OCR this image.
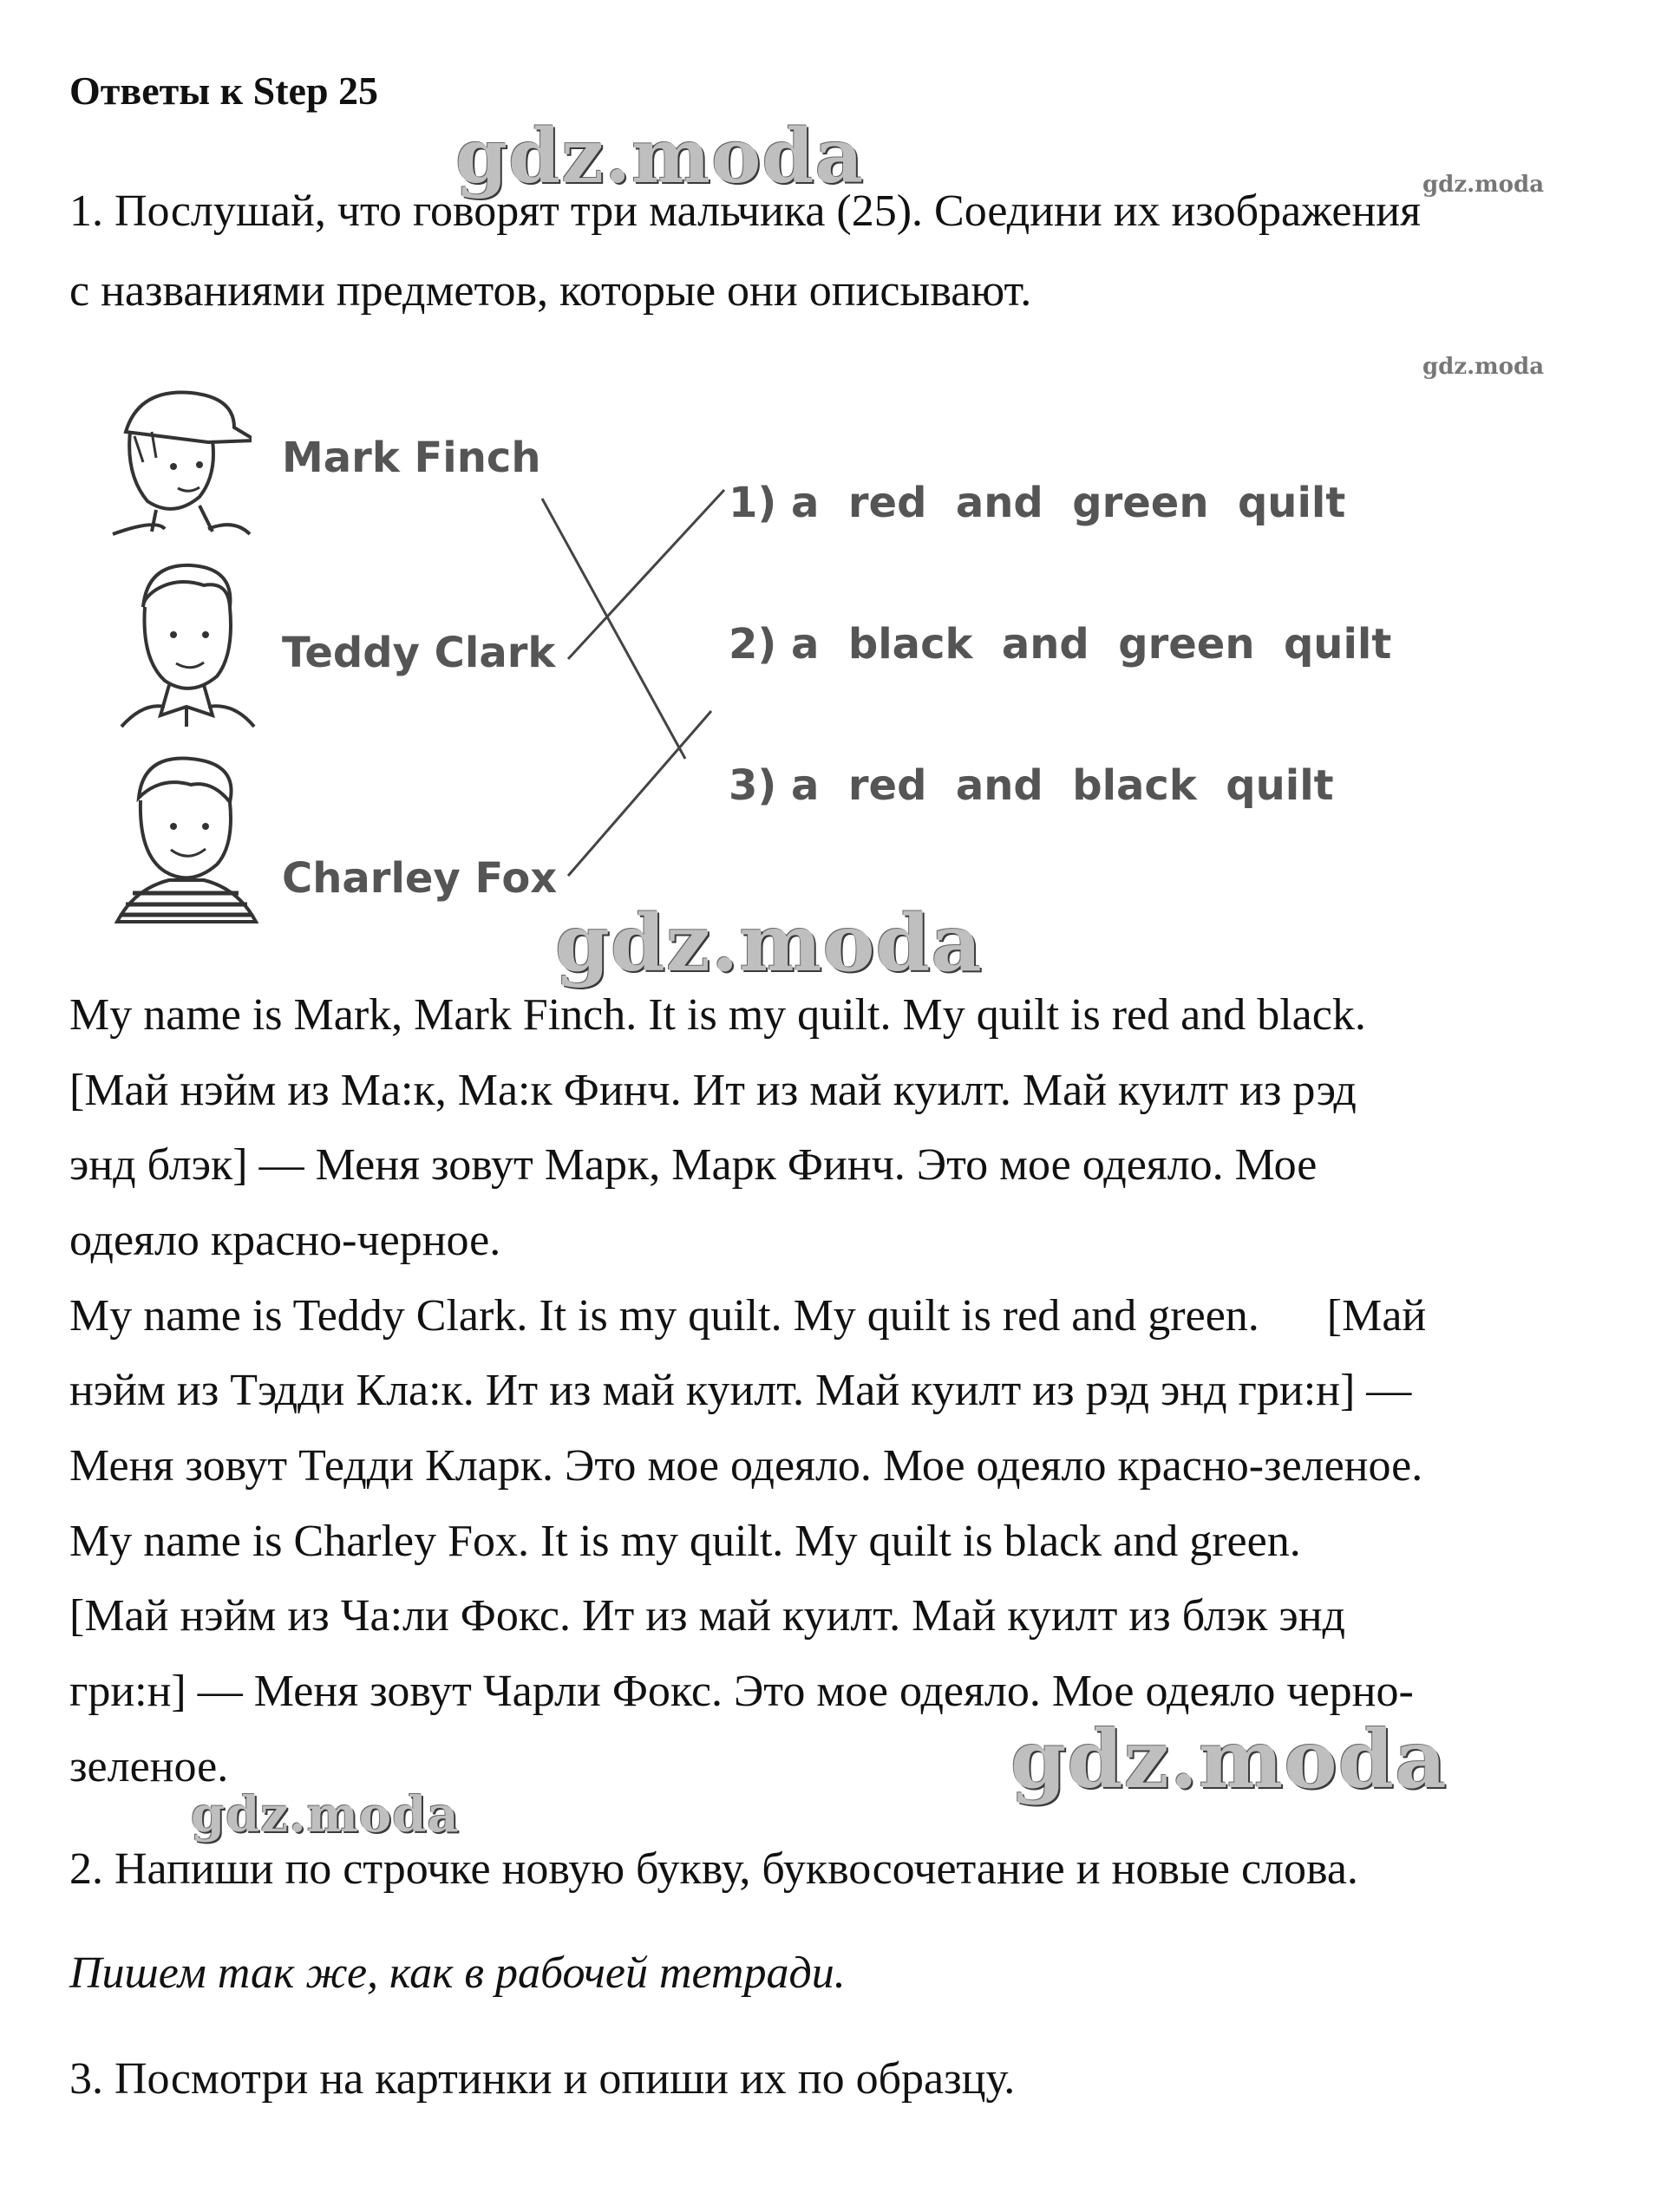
Ответы к Step 25
gdz.moda	gdz.moda
gdz.moda
gdz.moda
gdz.moda
gdz.moda
1. Послушай, что говорят три мальчика (25). Соедини их изображения
с названиями предметов, которые они описывают.
Mark Finch
Teddy Clark
Charley Fox
1) a  red  and  green  quilt
2) a  black  and  green  quilt
3) a  red  and  black  quilt
My name is Mark, Mark Finch. It is my quilt. My quilt is red and black.
[Май нэйм из Ма:к, Ма:к Финч. Ит из май куилт. Май куилт из рэд
энд блэк] — Меня зовут Марк, Марк Финч. Это мое одеяло. Мое
одеяло красно-черное.
My name is Teddy Clark. It is my quilt. My quilt is red and green.      [Май
нэйм из Тэдди Кла:к. Ит из май куилт. Май куилт из рэд энд гри:н] —
Меня зовут Тедди Кларк. Это мое одеяло. Мое одеяло красно-зеленое.
My name is Charley Fox. It is my quilt. My quilt is black and green.
[Май нэйм из Ча:ли Фокс. Ит из май куилт. Май куилт из блэк энд
гри:н] — Меня зовут Чарли Фокс. Это мое одеяло. Мое одеяло черно-
зеленое.
2. Напиши по строчке новую букву, буквосочетание и новые слова.
Пишем так же, как в рабочей тетради.
3. Посмотри на картинки и опиши их по образцу.
